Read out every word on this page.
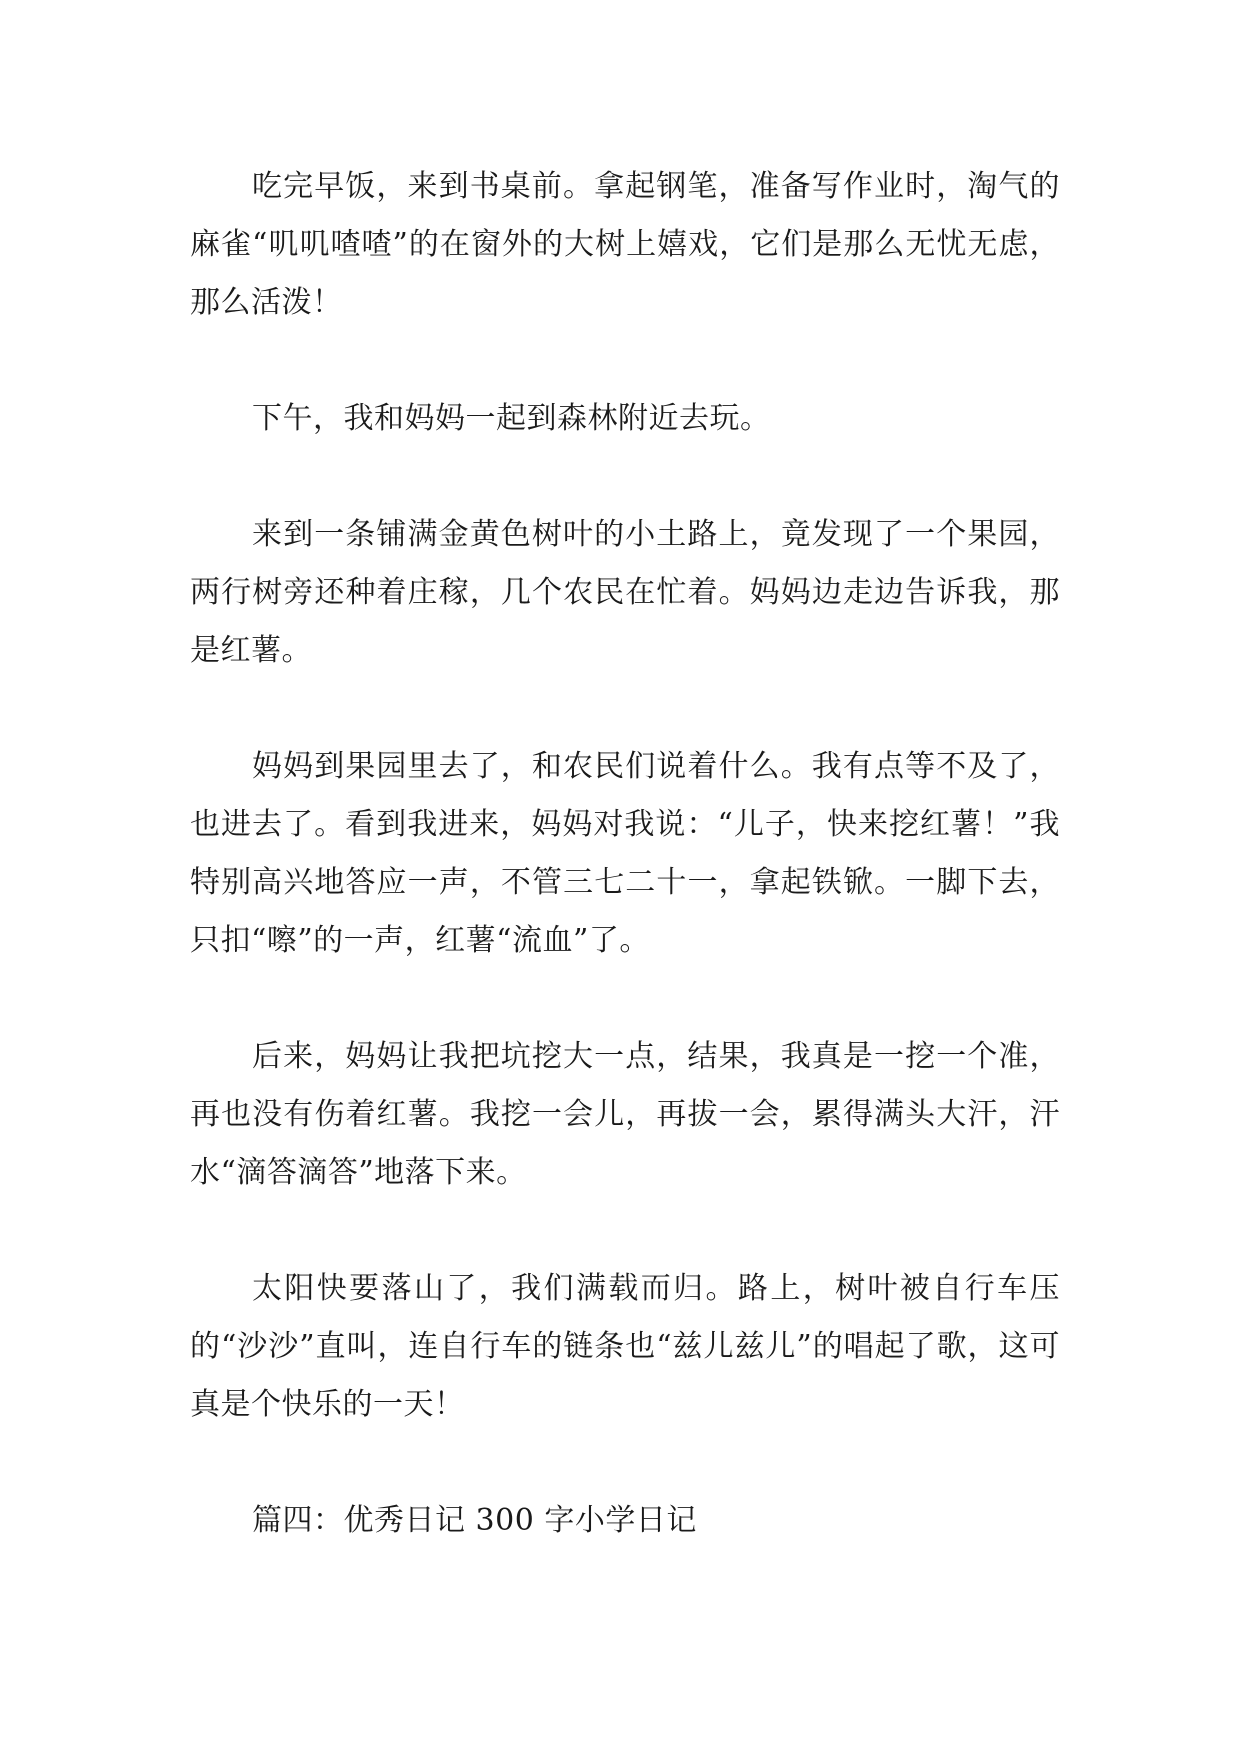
吃完早饭，来到书桌前。拿起钢笔，准备写作业时，淘气的麻雀“叽叽喳喳”的在窗外的大树上嬉戏，它们是那么无忧无虑，那么活泼！

下午，我和妈妈一起到森林附近去玩。

来到一条铺满金黄色树叶的小土路上，竟发现了一个果园，两行树旁还种着庄稼，几个农民在忙着。妈妈边走边告诉我，那是红薯。

妈妈到果园里去了，和农民们说着什么。我有点等不及了，也进去了。看到我进来，妈妈对我说：“儿子，快来挖红薯！”我特别高兴地答应一声，不管三七二十一，拿起铁锨。一脚下去，只扣“嚓”的一声，红薯“流血”了。

后来，妈妈让我把坑挖大一点，结果，我真是一挖一个准，再也没有伤着红薯。我挖一会儿，再拔一会，累得满头大汗，汗水“滴答滴答”地落下来。

太阳快要落山了，我们满载而归。路上，树叶被自行车压的“沙沙”直叫，连自行车的链条也“兹儿兹儿”的唱起了歌，这可真是个快乐的一天！

篇四：优秀日记 300 字小学日记
